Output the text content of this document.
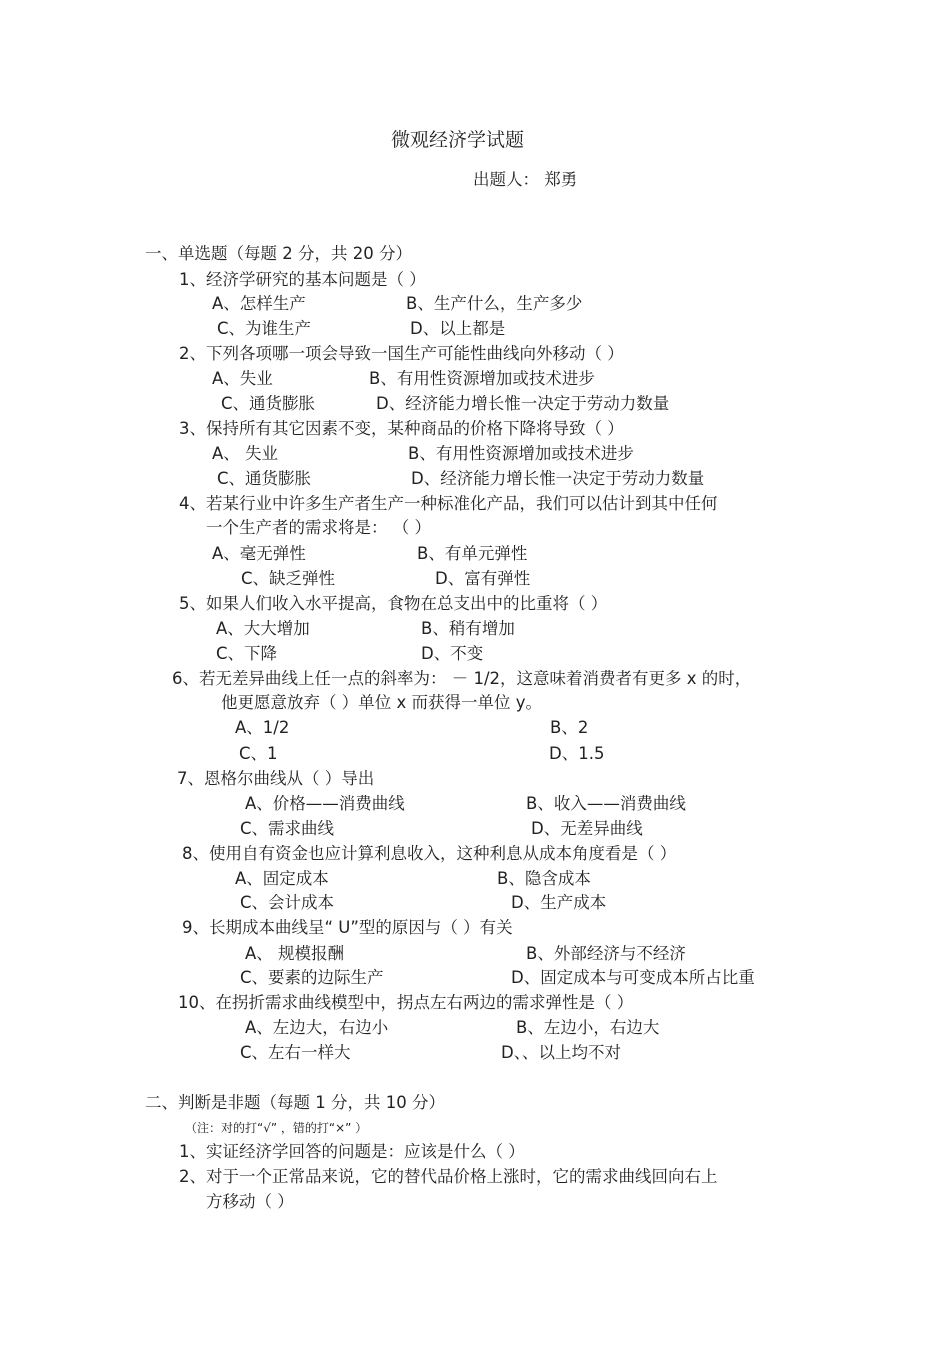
微观经济学试题
出题人： 郑勇
一、单选题（每题 2 分，共 20 分）
1、经济学研究的基本问题是（ ）
A、怎样生产	B、生产什么，生产多少
C、为谁生产	D、以上都是
2、下列各项哪一项会导致一国生产可能性曲线向外移动（ ）
A、失业	B、有用性资源增加或技术进步
C、通货膨胀	D、经济能力增长惟一决定于劳动力数量
3、保持所有其它因素不变，某种商品的价格下降将导致（ ）
A、 失业	B、有用性资源增加或技术进步
C、通货膨胀	D、经济能力增长惟一决定于劳动力数量
4、若某行业中许多生产者生产一种标准化产品，我们可以估计到其中任何
一个生产者的需求将是： （ ）
A、毫无弹性	B、有单元弹性
C、缺乏弹性	D、富有弹性
5、如果人们收入水平提高，食物在总支出中的比重将（ ）
A、大大增加	B、稍有增加
C、下降	D、不变
6、若无差异曲线上任一点的斜率为： － 1/2，这意味着消费者有更多 x 的时，
他更愿意放弃（ ）单位 x 而获得一单位 y。
A、1/2	B、2
C、1	D、1.5
7、恩格尔曲线从（ ）导出
A、价格——消费曲线	B、收入——消费曲线
C、需求曲线	D、无差异曲线
8、使用自有资金也应计算利息收入，这种利息从成本角度看是（ ）
A、固定成本	B、隐含成本
C、会计成本	D、生产成本
9、长期成本曲线呈“ U”型的原因与（ ）有关
A、 规模报酬	B、外部经济与不经济
C、要素的边际生产	D、固定成本与可变成本所占比重
10、在拐折需求曲线模型中，拐点左右两边的需求弹性是（ ）
A、左边大，右边小	B、左边小，右边大
C、左右一样大	D、、以上均不对
二、判断是非题（每题 1 分，共 10 分）
（注：对的打“√” ，错的打“×” ）
1、实证经济学回答的问题是：应该是什么（ ）
2、对于一个正常品来说，它的替代品价格上涨时，它的需求曲线回向右上
方移动（ ）
